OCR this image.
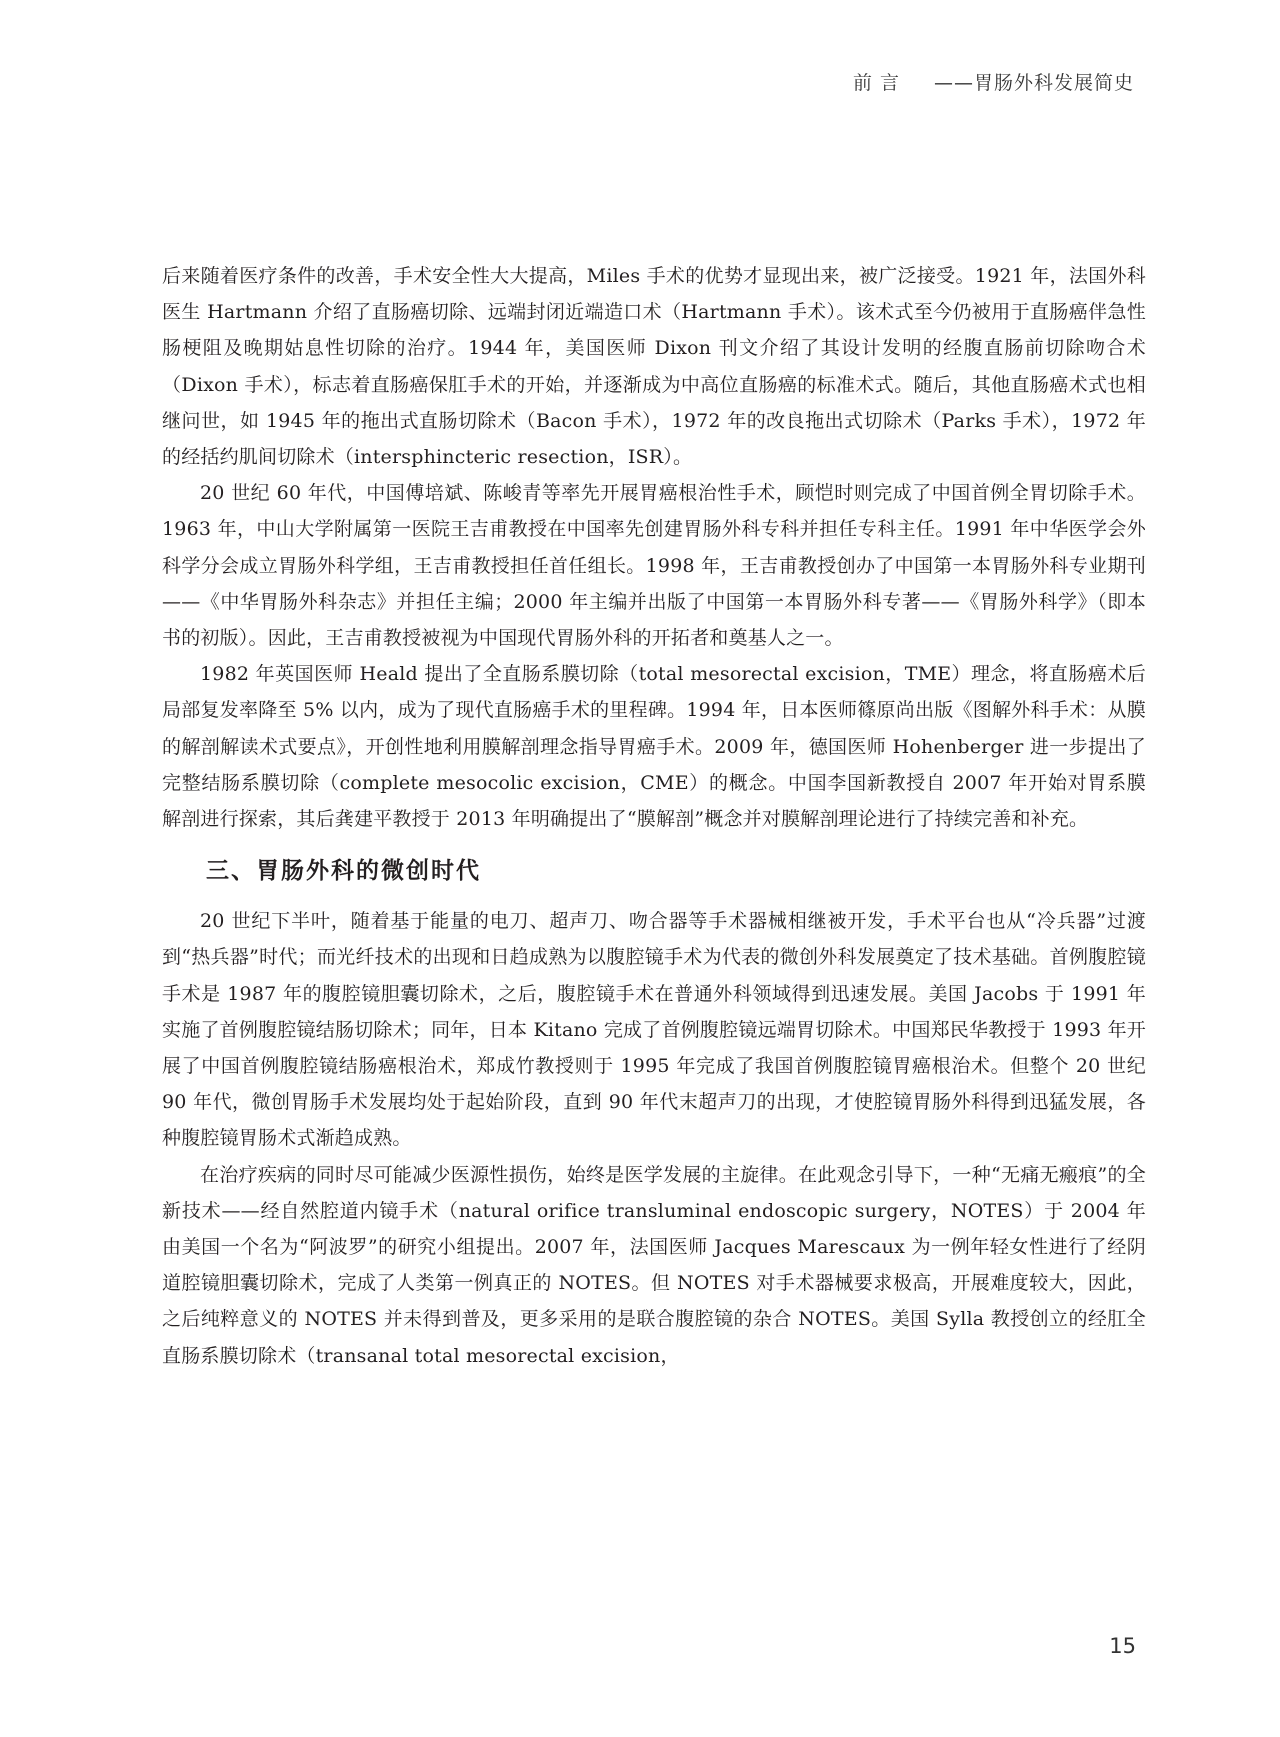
前 言 ——胃肠外科发展简史

后来随着医疗条件的改善，手术安全性大大提高，Miles 手术的优势才显现出来，被广泛接受。1921 年，法国外科医生 Hartmann 介绍了直肠癌切除、远端封闭近端造口术（Hartmann 手术）。该术式至今仍被用于直肠癌伴急性肠梗阻及晚期姑息性切除的治疗。1944 年，美国医师 Dixon 刊文介绍了其设计发明的经腹直肠前切除吻合术（Dixon 手术），标志着直肠癌保肛手术的开始，并逐渐成为中高位直肠癌的标准术式。随后，其他直肠癌术式也相继问世，如 1945 年的拖出式直肠切除术（Bacon 手术），1972 年的改良拖出式切除术（Parks 手术），1972 年的经括约肌间切除术（intersphincteric resection，ISR）。

20 世纪 60 年代，中国傅培斌、陈峻青等率先开展胃癌根治性手术，顾恺时则完成了中国首例全胃切除手术。1963 年，中山大学附属第一医院王吉甫教授在中国率先创建胃肠外科专科并担任专科主任。1991 年中华医学会外科学分会成立胃肠外科学组，王吉甫教授担任首任组长。1998 年，王吉甫教授创办了中国第一本胃肠外科专业期刊——《中华胃肠外科杂志》并担任主编；2000 年主编并出版了中国第一本胃肠外科专著——《胃肠外科学》（即本书的初版）。因此，王吉甫教授被视为中国现代胃肠外科的开拓者和奠基人之一。

1982 年英国医师 Heald 提出了全直肠系膜切除（total mesorectal excision，TME）理念，将直肠癌术后局部复发率降至 5% 以内，成为了现代直肠癌手术的里程碑。1994 年，日本医师篠原尚出版《图解外科手术：从膜的解剖解读术式要点》，开创性地利用膜解剖理念指导胃癌手术。2009 年，德国医师 Hohenberger 进一步提出了完整结肠系膜切除（complete mesocolic excision，CME）的概念。中国李国新教授自 2007 年开始对胃系膜解剖进行探索，其后龚建平教授于 2013 年明确提出了“膜解剖”概念并对膜解剖理论进行了持续完善和补充。

三、胃肠外科的微创时代

20 世纪下半叶，随着基于能量的电刀、超声刀、吻合器等手术器械相继被开发，手术平台也从“冷兵器”过渡到“热兵器”时代；而光纤技术的出现和日趋成熟为以腹腔镜手术为代表的微创外科发展奠定了技术基础。首例腹腔镜手术是 1987 年的腹腔镜胆囊切除术，之后，腹腔镜手术在普通外科领域得到迅速发展。美国 Jacobs 于 1991 年实施了首例腹腔镜结肠切除术；同年，日本 Kitano 完成了首例腹腔镜远端胃切除术。中国郑民华教授于 1993 年开展了中国首例腹腔镜结肠癌根治术，郑成竹教授则于 1995 年完成了我国首例腹腔镜胃癌根治术。但整个 20 世纪 90 年代，微创胃肠手术发展均处于起始阶段，直到 90 年代末超声刀的出现，才使腔镜胃肠外科得到迅猛发展，各种腹腔镜胃肠术式渐趋成熟。

在治疗疾病的同时尽可能减少医源性损伤，始终是医学发展的主旋律。在此观念引导下，一种“无痛无瘢痕”的全新技术——经自然腔道内镜手术（natural orifice transluminal endoscopic surgery，NOTES）于 2004 年由美国一个名为“阿波罗”的研究小组提出。2007 年，法国医师 Jacques Marescaux 为一例年轻女性进行了经阴道腔镜胆囊切除术，完成了人类第一例真正的 NOTES。但 NOTES 对手术器械要求极高，开展难度较大，因此，之后纯粹意义的 NOTES 并未得到普及，更多采用的是联合腹腔镜的杂合 NOTES。美国 Sylla 教授创立的经肛全直肠系膜切除术（transanal total mesorectal excision，

15
